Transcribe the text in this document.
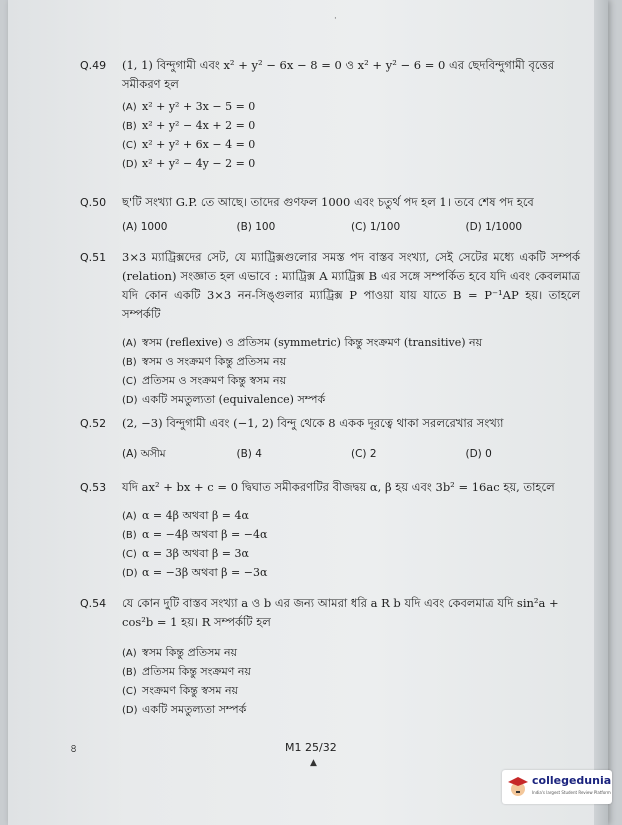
Q.49 (1, 1) বিন্দুগামী এবং x² + y² − 6x − 8 = 0 ও x² + y² − 6 = 0 এর ছেদবিন্দুগামী বৃত্তের সমীকরণ হল
(A) x² + y² + 3x − 5 = 0
(B) x² + y² − 4x + 2 = 0
(C) x² + y² + 6x − 4 = 0
(D) x² + y² − 4y − 2 = 0
Q.50 ছ'টি সংখ্যা G.P. তে আছে। তাদের গুণফল 1000 এবং চতুর্থ পদ হল 1। তবে শেষ পদ হবে
(A) 1000	(B) 100	(C) 1/100	(D) 1/1000
Q.51 3×3 ম্যাট্রিক্সদের সেট, যে ম্যাট্রিক্সগুলোর সমস্ত পদ বাস্তব সংখ্যা, সেই সেটের মধ্যে একটি সম্পর্ক (relation) সংজ্ঞাত হল এভাবে : ম্যাট্রিক্স A ম্যাট্রিক্স B এর সঙ্গে সম্পর্কিত হবে যদি এবং কেবলমাত্র যদি কোন একটি 3×3 নন-সিঙ্গুলার ম্যাট্রিক্স P পাওয়া যায় যাতে B = P⁻¹AP হয়। তাহলে সম্পর্কটি
(A) স্বসম (reflexive) ও প্রতিসম (symmetric) কিন্তু সংক্রমণ (transitive) নয়
(B) স্বসম ও সংক্রমণ কিন্তু প্রতিসম নয়
(C) প্রতিসম ও সংক্রমণ কিন্তু স্বসম নয়
(D) একটি সমতুল্যতা (equivalence) সম্পর্ক
Q.52 (2, −3) বিন্দুগামী এবং (−1, 2) বিন্দু থেকে 8 একক দূরত্বে থাকা সরলরেখার সংখ্যা
(A) অসীম	(B) 4	(C) 2	(D) 0
Q.53 যদি ax² + bx + c = 0 দ্বিঘাত সমীকরণটির বীজদ্বয় α, β হয় এবং 3b² = 16ac হয়, তাহলে
(A) α = 4β অথবা β = 4α
(B) α = −4β অথবা β = −4α
(C) α = 3β অথবা β = 3α
(D) α = −3β অথবা β = −3α
Q.54 যে কোন দুটি বাস্তব সংখ্যা a ও b এর জন্য আমরা ধরি a R b যদি এবং কেবলমাত্র যদি sin²a + cos²b = 1 হয়। R সম্পর্কটি হল
(A) স্বসম কিন্তু প্রতিসম নয়
(B) প্রতিসম কিন্তু সংক্রমণ নয়
(C) সংক্রমণ কিন্তু স্বসম নয়
(D) একটি সমতুল্যতা সম্পর্ক
৪	M1 25/32
▲
·
collegedunia
India's largest Student Review Platform
